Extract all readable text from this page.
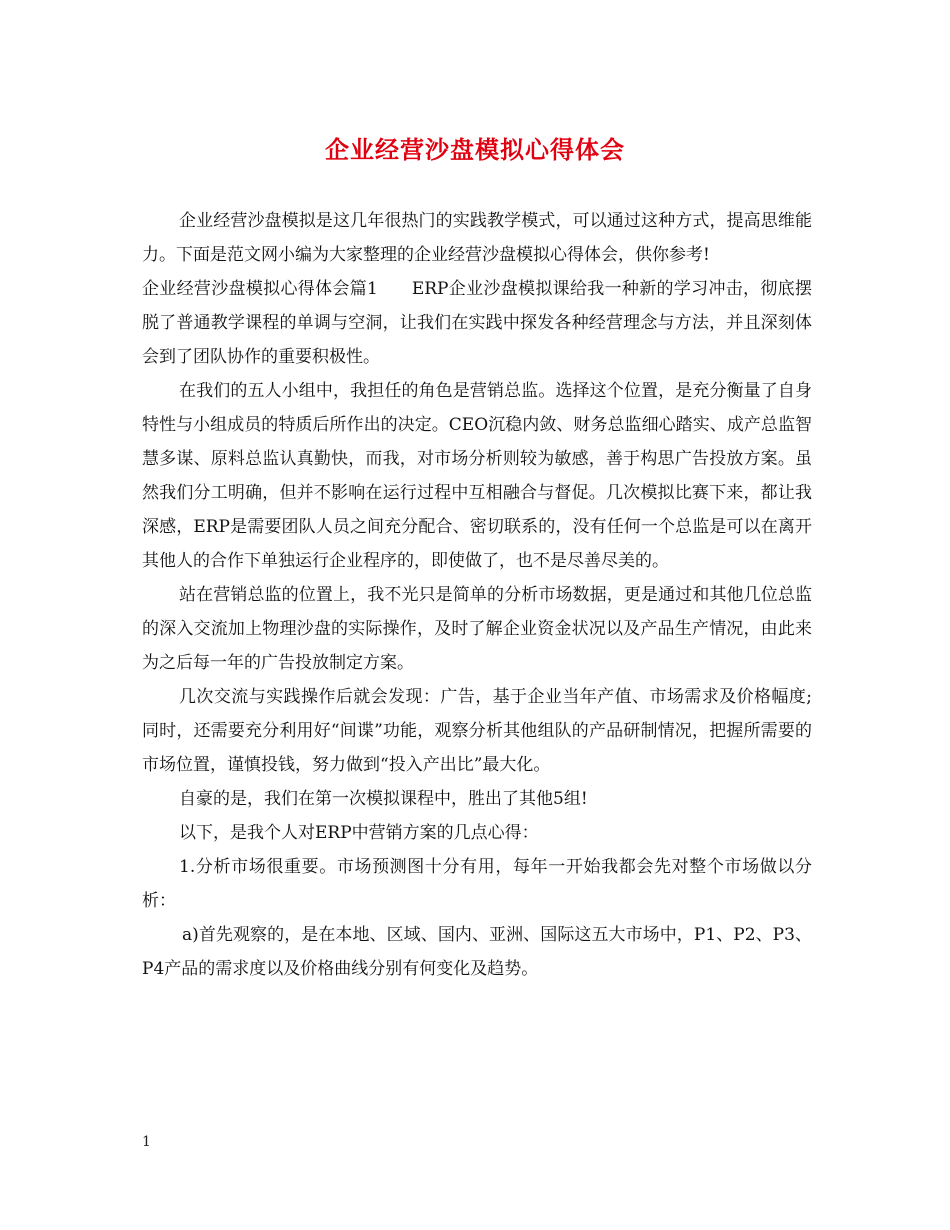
企业经营沙盘模拟心得体会

企业经营沙盘模拟是这几年很热门的实践教学模式，可以通过这种方式，提高思维能力。下面是范文网小编为大家整理的企业经营沙盘模拟心得体会，供你参考!

企业经营沙盘模拟心得体会篇1 ERP企业沙盘模拟课给我一种新的学习冲击，彻底摆脱了普通教学课程的单调与空洞，让我们在实践中探发各种经营理念与方法，并且深刻体会到了团队协作的重要积极性。

在我们的五人小组中，我担任的角色是营销总监。选择这个位置，是充分衡量了自身特性与小组成员的特质后所作出的决定。CEO沉稳内敛、财务总监细心踏实、成产总监智慧多谋、原料总监认真勤快，而我，对市场分析则较为敏感，善于构思广告投放方案。虽然我们分工明确，但并不影响在运行过程中互相融合与督促。几次模拟比赛下来，都让我深感，ERP是需要团队人员之间充分配合、密切联系的，没有任何一个总监是可以在离开其他人的合作下单独运行企业程序的，即使做了，也不是尽善尽美的。

站在营销总监的位置上，我不光只是简单的分析市场数据，更是通过和其他几位总监的深入交流加上物理沙盘的实际操作，及时了解企业资金状况以及产品生产情况，由此来为之后每一年的广告投放制定方案。

几次交流与实践操作后就会发现：广告，基于企业当年产值、市场需求及价格幅度;同时，还需要充分利用好“间谍”功能，观察分析其他组队的产品研制情况，把握所需要的市场位置，谨慎投钱，努力做到“投入产出比”最大化。

自豪的是，我们在第一次模拟课程中，胜出了其他5组!

以下，是我个人对ERP中营销方案的几点心得：

1.分析市场很重要。市场预测图十分有用，每年一开始我都会先对整个市场做以分析：

a)首先观察的，是在本地、区域、国内、亚洲、国际这五大市场中，P1、P2、P3、P4产品的需求度以及价格曲线分别有何变化及趋势。

1
